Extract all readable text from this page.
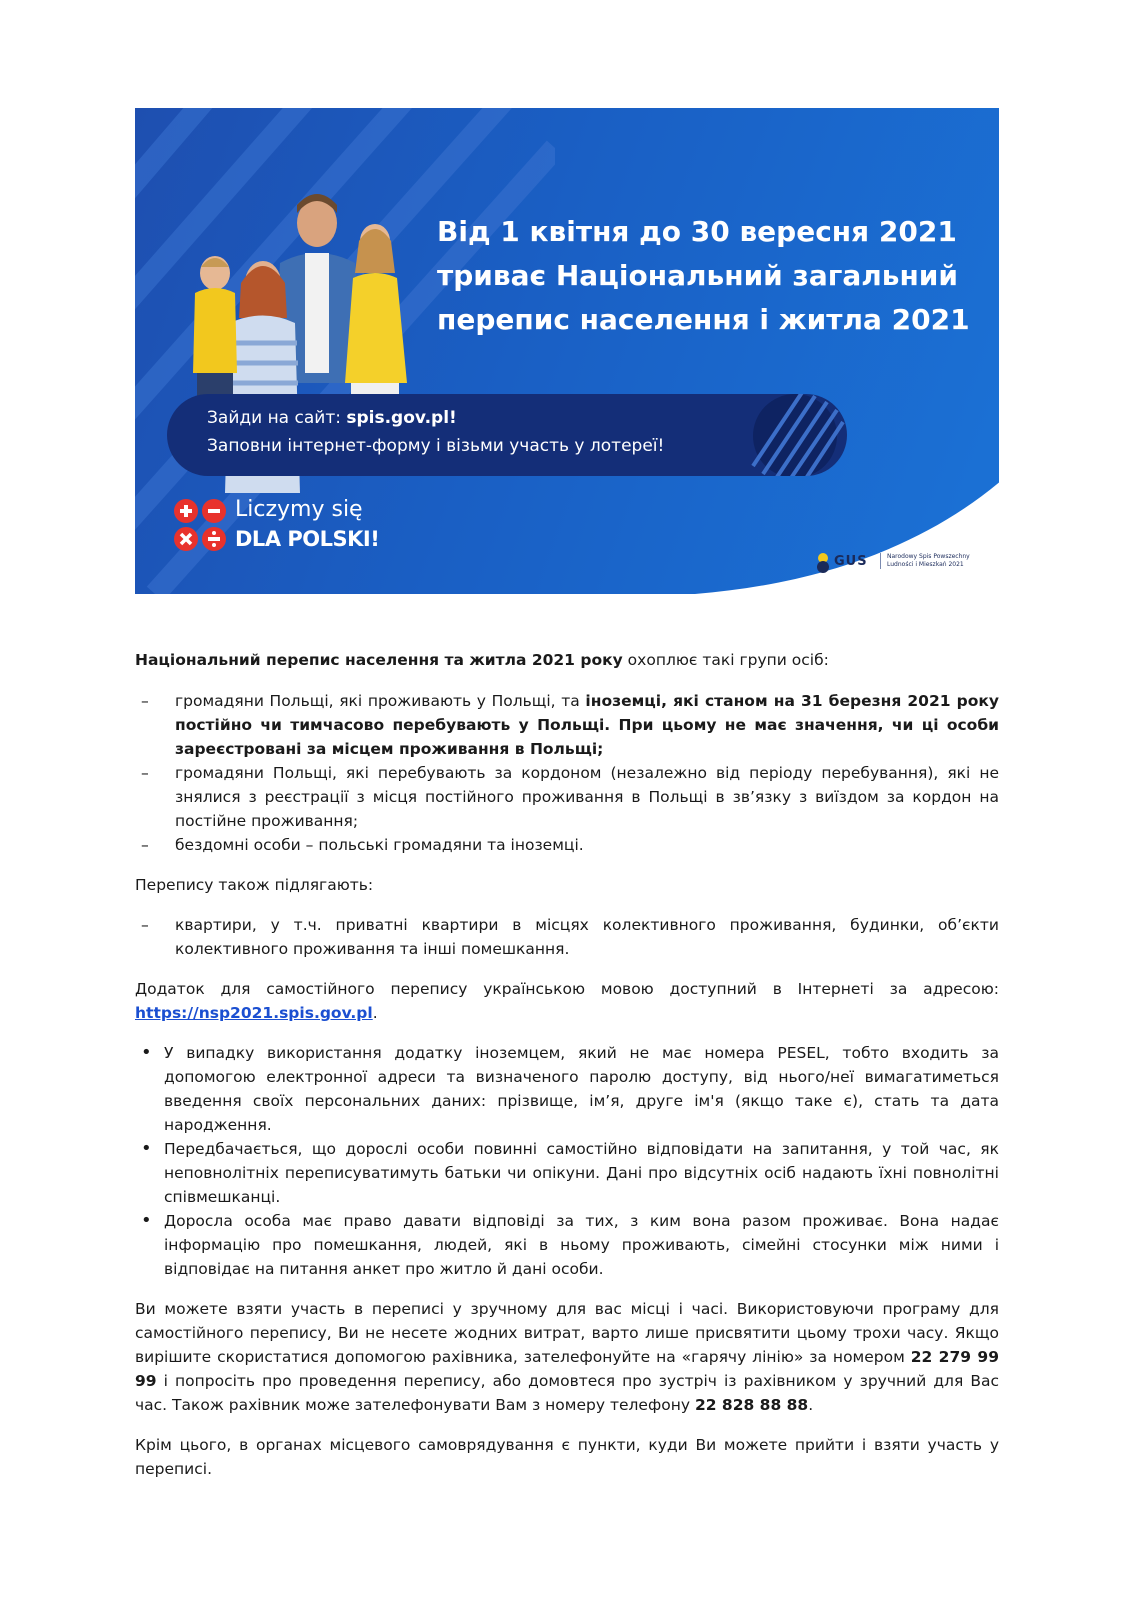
Від 1 квітня до 30 вересня 2021
триває Національний загальний
перепис населення і житла 2021
Зайди на сайт: spis.gov.pl!
Заповни інтернет-форму і візьми участь у лотереї!
Liczymy się
DLA POLSKI!
GUS	Narodowy Spis Powszechny Ludności i Mieszkań 2021

Національний перепис населення та житла 2021 року охоплює такі групи осіб:

– громадяни Польщі, які проживають у Польщі, та іноземці, які станом на 31 березня 2021 року постійно чи тимчасово перебувають у Польщі. При цьому не має значення, чи ці особи зареєстровані за місцем проживання в Польщі;
– громадяни Польщі, які перебувають за кордоном (незалежно від періоду перебування), які не знялися з реєстрації з місця постійного проживання в Польщі в зв’язку з виїздом за кордон на постійне проживання;
– бездомні особи – польські громадяни та іноземці.

Перепису також підлягають:

– квартири, у т.ч. приватні квартири в місцях колективного проживання, будинки, об’єкти колективного проживання та інші помешкання.

Додаток для самостійного перепису українською мовою доступний в Інтернеті за адресою: https://nsp2021.spis.gov.pl.

• У випадку використання додатку іноземцем, який не має номера PESEL, тобто входить за допомогою електронної адреси та визначеного паролю доступу, від нього/неї вимагатиметься введення своїх персональних даних: прізвище, ім’я, друге ім'я (якщо таке є), стать та дата народження.
• Передбачається, що дорослі особи повинні самостійно відповідати на запитання, у той час, як неповнолітніх переписуватимуть батьки чи опікуни. Дані про відсутніх осіб надають їхні повнолітні співмешканці.
• Доросла особа має право давати відповіді за тих, з ким вона разом проживає. Вона надає інформацію про помешкання, людей, які в ньому проживають, сімейні стосунки між ними і відповідає на питання анкет про житло й дані особи.

Ви можете взяти участь в переписі у зручному для вас місці і часі. Використовуючи програму для самостійного перепису, Ви не несете жодних витрат, варто лише присвятити цьому трохи часу. Якщо вирішите скористатися допомогою рахівника, зателефонуйте на «гарячу лінію» за номером 22 279 99 99 і попросіть про проведення перепису, або домовтеся про зустріч із рахівником у зручний для Вас час. Також рахівник може зателефонувати Вам з номеру телефону 22 828 88 88.

Крім цього, в органах місцевого самоврядування є пункти, куди Ви можете прийти і взяти участь у переписі.
